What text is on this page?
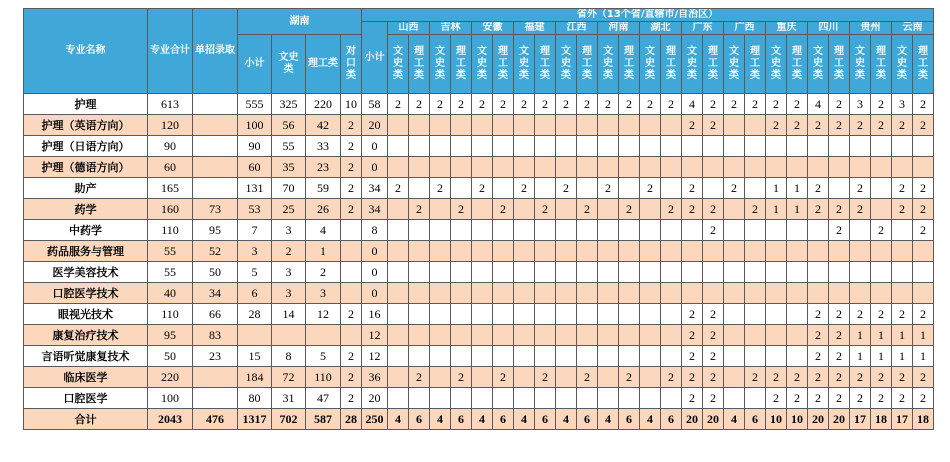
专业名称	专业合计	单招录取	湖南				省外（13个省/直辖市/自治区）																										
							小计	山西		吉林		安徽		福建		江西		河南		湖北		广东		广西		重庆		四川		贵州		云南	
			小计	文史类	理工类	对口类		文史类	理工类	文史类	理工类	文史类	理工类	文史类	理工类	文史类	理工类	文史类	理工类	文史类	理工类	文史类	理工类	文史类	理工类	文史类	理工类	文史类	理工类	文史类	理工类	文史类	理工类
护理	613		555	325	220	10	58	2	2	2	2	2	2	2	2	2	2	2	2	2	2	4	2	2	2	2	2	4	2	3	2	3	2
护理（英语方向）	120		100	56	42	2	20															2	2			2	2	2	2	2	2	2	2
护理（日语方向）	90		90	55	33	2	0																										
护理（德语方向）	60		60	35	23	2	0																										
助产	165		131	70	59	2	34	2		2		2		2		2		2		2		2		2		1	1	2		2		2	2
药学	160	73	53	25	26	2	34		2		2		2		2		2		2		2	2	2		2	1	1	2	2	2		2	2
中药学	110	95	7	3	4		8																2						2		2		2
药品服务与管理	55	52	3	2	1		0																										
医学美容技术	55	50	5	3	2		0																										
口腔医学技术	40	34	6	3	3		0																										
眼视光技术	110	66	28	14	12	2	16															2	2					2	2	2	2	2	2
康复治疗技术	95	83					12															2	2					2	2	1	1	1	1
言语听觉康复技术	50	23	15	8	5	2	12															2	2					2	2	1	1	1	1
临床医学	220		184	72	110	2	36		2		2		2		2		2		2		2	2	2		2	2	2	2	2	2	2	2	2
口腔医学	100		80	31	47	2	20															2	2			2	2	2	2	2	2	2	2
合计	2043	476	1317	702	587	28	250	4	6	4	6	4	6	4	6	4	6	4	6	4	6	20	20	4	6	10	10	20	20	17	18	17	18
